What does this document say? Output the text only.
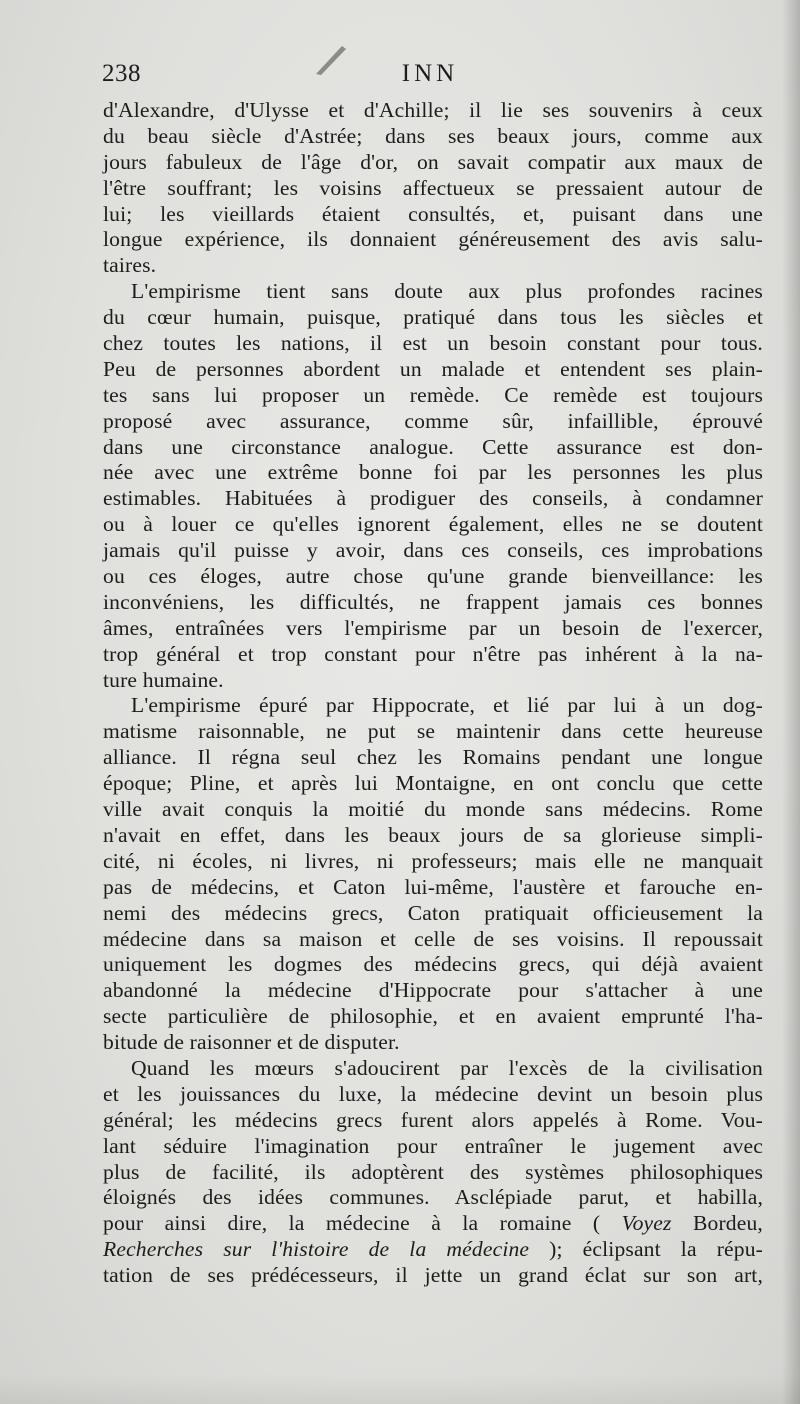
238	INN
d'Alexandre, d'Ulysse et d'Achille; il lie ses souvenirs à ceux
du beau siècle d'Astrée; dans ses beaux jours, comme aux
jours fabuleux de l'âge d'or, on savait compatir aux maux de
l'être souffrant; les voisins affectueux se pressaient autour de
lui; les vieillards étaient consultés, et, puisant dans une
longue expérience, ils donnaient généreusement des avis salu-
taires.
L'empirisme tient sans doute aux plus profondes racines
du cœur humain, puisque, pratiqué dans tous les siècles et
chez toutes les nations, il est un besoin constant pour tous.
Peu de personnes abordent un malade et entendent ses plain-
tes sans lui proposer un remède. Ce remède est toujours
proposé avec assurance, comme sûr, infaillible, éprouvé
dans une circonstance analogue. Cette assurance est don-
née avec une extrême bonne foi par les personnes les plus
estimables. Habituées à prodiguer des conseils, à condamner
ou à louer ce qu'elles ignorent également, elles ne se doutent
jamais qu'il puisse y avoir, dans ces conseils, ces improbations
ou ces éloges, autre chose qu'une grande bienveillance: les
inconvéniens, les difficultés, ne frappent jamais ces bonnes
âmes, entraînées vers l'empirisme par un besoin de l'exercer,
trop général et trop constant pour n'être pas inhérent à la na-
ture humaine.
L'empirisme épuré par Hippocrate, et lié par lui à un dog-
matisme raisonnable, ne put se maintenir dans cette heureuse
alliance. Il régna seul chez les Romains pendant une longue
époque; Pline, et après lui Montaigne, en ont conclu que cette
ville avait conquis la moitié du monde sans médecins. Rome
n'avait en effet, dans les beaux jours de sa glorieuse simpli-
cité, ni écoles, ni livres, ni professeurs; mais elle ne manquait
pas de médecins, et Caton lui-même, l'austère et farouche en-
nemi des médecins grecs, Caton pratiquait officieusement la
médecine dans sa maison et celle de ses voisins. Il repoussait
uniquement les dogmes des médecins grecs, qui déjà avaient
abandonné la médecine d'Hippocrate pour s'attacher à une
secte particulière de philosophie, et en avaient emprunté l'ha-
bitude de raisonner et de disputer.
Quand les mœurs s'adoucirent par l'excès de la civilisation
et les jouissances du luxe, la médecine devint un besoin plus
général; les médecins grecs furent alors appelés à Rome. Vou-
lant séduire l'imagination pour entraîner le jugement avec
plus de facilité, ils adoptèrent des systèmes philosophiques
éloignés des idées communes. Asclépiade parut, et habilla,
pour ainsi dire, la médecine à la romaine ( Voyez Bordeu,
Recherches sur l'histoire de la médecine ); éclipsant la répu-
tation de ses prédécesseurs, il jette un grand éclat sur son art,
